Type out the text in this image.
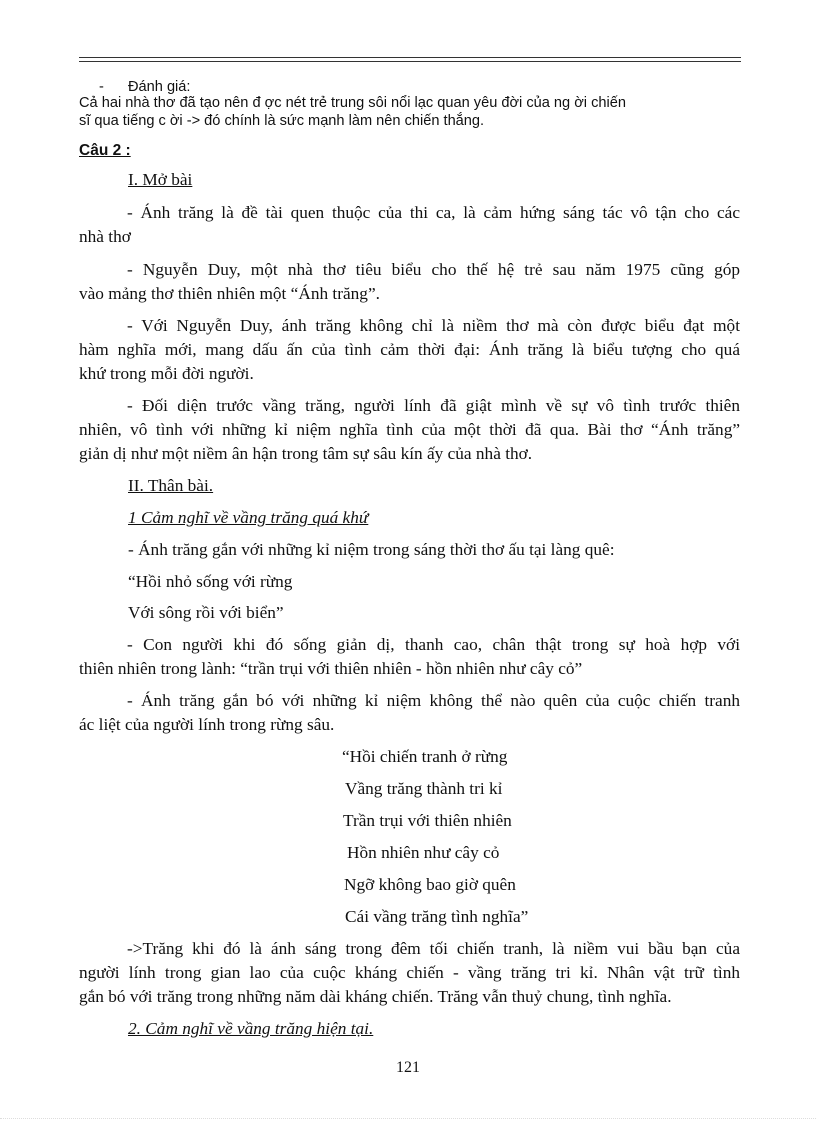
- Đánh giá:
Cả hai nhà thơ đã tạo nên đ ợc nét trẻ trung sôi nổi lạc quan yêu đời của ng ời chiến
sĩ qua tiếng c ời -> đó chính là sức mạnh làm nên chiến thắng.
Câu 2 :
I. Mở bài
- Ánh trăng là đề tài quen thuộc của thi ca, là cảm hứng sáng tác vô tận cho các
nhà thơ
- Nguyễn Duy, một nhà thơ tiêu biểu cho thế hệ trẻ sau năm 1975 cũng góp
vào mảng thơ thiên nhiên một “Ánh trăng”.
- Với Nguyễn Duy, ánh trăng không chỉ là niềm thơ mà còn được biểu đạt một
hàm nghĩa mới, mang dấu ấn của tình cảm thời đại: Ánh trăng là biểu tượng cho quá
khứ trong mỗi đời người.
- Đối diện trước vầng trăng, người lính đã giật mình về sự vô tình trước thiên
nhiên, vô tình với những kỉ niệm nghĩa tình của một thời đã qua. Bài thơ “Ánh trăng”
giản dị như một niềm ân hận trong tâm sự sâu kín ấy của nhà thơ.
II. Thân bài.
1 Cảm nghĩ về vầng trăng quá khứ
- Ánh trăng gắn với những kỉ niệm trong sáng thời thơ ấu tại làng quê:
“Hồi nhỏ sống với rừng
Với sông rồi với biển”
- Con người khi đó sống giản dị, thanh cao, chân thật trong sự hoà hợp với
thiên nhiên trong lành: “trần trụi với thiên nhiên - hồn nhiên như cây cỏ”
- Ánh trăng gắn bó với những kỉ niệm không thể nào quên của cuộc chiến tranh
ác liệt của người lính trong rừng sâu.
“Hồi chiến tranh ở rừng
Vầng trăng thành tri kỉ
Trần trụi với thiên nhiên
Hồn nhiên như cây cỏ
Ngỡ không bao giờ quên
Cái vầng trăng tình nghĩa”
->Trăng khi đó là ánh sáng trong đêm tối chiến tranh, là niềm vui bầu bạn của
người lính trong gian lao của cuộc kháng chiến - vầng trăng tri kỉ. Nhân vật trữ tình
gắn bó với trăng trong những năm dài kháng chiến. Trăng vẫn thuỷ chung, tình nghĩa.
2. Cảm nghĩ về vầng trăng hiện tại.
121
